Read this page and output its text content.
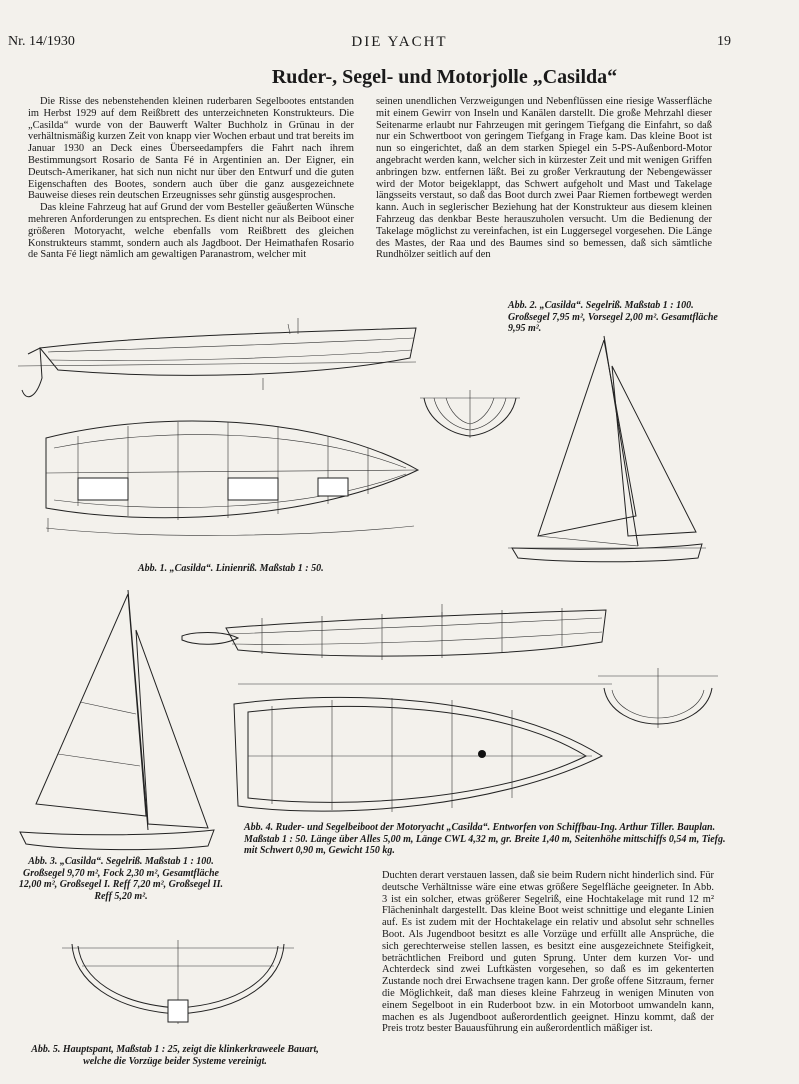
Nr. 14/1930	DIE YACHT	19
Ruder-, Segel- und Motorjolle „Casilda“

Die Risse des nebenstehenden kleinen ruderbaren Segelbootes entstanden im Herbst 1929 auf dem Reißbrett des unterzeichneten Konstrukteurs. Die „Casilda“ wurde von der Bauwerft Walter Buchholz in Grünau in der verhältnismäßig kurzen Zeit von knapp vier Wochen erbaut und trat bereits im Januar 1930 an Deck eines Überseedampfers die Fahrt nach ihrem Bestimmungsort Rosario de Santa Fé in Argentinien an. Der Eigner, ein Deutsch-Amerikaner, hat sich nun nicht nur über den Entwurf und die guten Eigenschaften des Bootes, sondern auch über die ganz ausgezeichnete Bauweise dieses rein deutschen Erzeugnisses sehr günstig ausgesprochen.

Das kleine Fahrzeug hat auf Grund der vom Besteller geäußerten Wünsche mehreren Anforderungen zu entsprechen. Es dient nicht nur als Beiboot einer größeren Motoryacht, welche ebenfalls vom Reißbrett des gleichen Konstrukteurs stammt, sondern auch als Jagdboot. Der Heimathafen Rosario de Santa Fé liegt nämlich am gewaltigen Paranastrom, welcher mit

seinen unendlichen Verzweigungen und Nebenflüssen eine riesige Wasserfläche mit einem Gewirr von Inseln und Kanälen darstellt. Die große Mehrzahl dieser Seitenarme erlaubt nur Fahrzeugen mit geringem Tiefgang die Einfahrt, so daß nur ein Schwertboot von geringem Tiefgang in Frage kam. Das kleine Boot ist nun so eingerichtet, daß an dem starken Spiegel ein 5-PS-Außenbord-Motor angebracht werden kann, welcher sich in kürzester Zeit und mit wenigen Griffen anbringen bzw. entfernen läßt. Bei zu großer Verkrautung der Nebengewässer wird der Motor beigeklappt, das Schwert aufgeholt und Mast und Takelage längsseits verstaut, so daß das Boot durch zwei Paar Riemen fortbewegt werden kann. Auch in seglerischer Beziehung hat der Konstrukteur aus diesem kleinen Fahrzeug das denkbar Beste herauszuholen versucht. Um die Bedienung der Takelage möglichst zu vereinfachen, ist ein Luggersegel vorgesehen. Die Länge des Mastes, der Raa und des Baumes sind so bemessen, daß sich sämtliche Rundhölzer seitlich auf den

Abb. 2. „Casilda“. Segelriß. Maßstab 1 : 100. Großsegel 7,95 m², Vorsegel 2,00 m². Gesamtfläche 9,95 m².
Abb. 1. „Casilda“. Linienriß. Maßstab 1 : 50.
Abb. 4. Ruder- und Segelbeiboot der Motoryacht „Casilda“. Entworfen von Schiffbau-Ing. Arthur Tiller. Bauplan. Maßstab 1 : 50. Länge über Alles 5,00 m, Länge CWL 4,32 m, gr. Breite 1,40 m, Seitenhöhe mittschiffs 0,54 m, Tiefg. mit Schwert 0,90 m, Gewicht 150 kg.
Abb. 3. „Casilda“. Segelriß. Maßstab 1 : 100. Großsegel 9,70 m², Fock 2,30 m², Gesamtfläche 12,00 m², Großsegel I. Reff 7,20 m², Großsegel II. Reff 5,20 m².
Abb. 5. Hauptspant, Maßstab 1 : 25, zeigt die klinkerkraweele Bauart, welche die Vorzüge beider Systeme vereinigt.

Duchten derart verstauen lassen, daß sie beim Rudern nicht hinderlich sind. Für deutsche Verhältnisse wäre eine etwas größere Segelfläche geeigneter. In Abb. 3 ist ein solcher, etwas größerer Segelriß, eine Hochtakelage mit rund 12 m² Flächeninhalt dargestellt. Das kleine Boot weist schnittige und elegante Linien auf. Es ist zudem mit der Hochtakelage ein relativ und absolut sehr schnelles Boot. Als Jugendboot besitzt es alle Vorzüge und erfüllt alle Ansprüche, die sich gerechterweise stellen lassen, es besitzt eine ausgezeichnete Steifigkeit, beträchtlichen Freibord und guten Sprung. Unter dem kurzen Vor- und Achterdeck sind zwei Luftkästen vorgesehen, so daß es im gekenterten Zustande noch drei Erwachsene tragen kann. Der große offene Sitzraum, ferner die Möglichkeit, daß man dieses kleine Fahrzeug in wenigen Minuten von einem Segelboot in ein Ruderboot bzw. in ein Motorboot umwandeln kann, machen es als Jugendboot außerordentlich geeignet. Hinzu kommt, daß der Preis trotz bester Bauausführung ein außerordentlich mäßiger ist.
